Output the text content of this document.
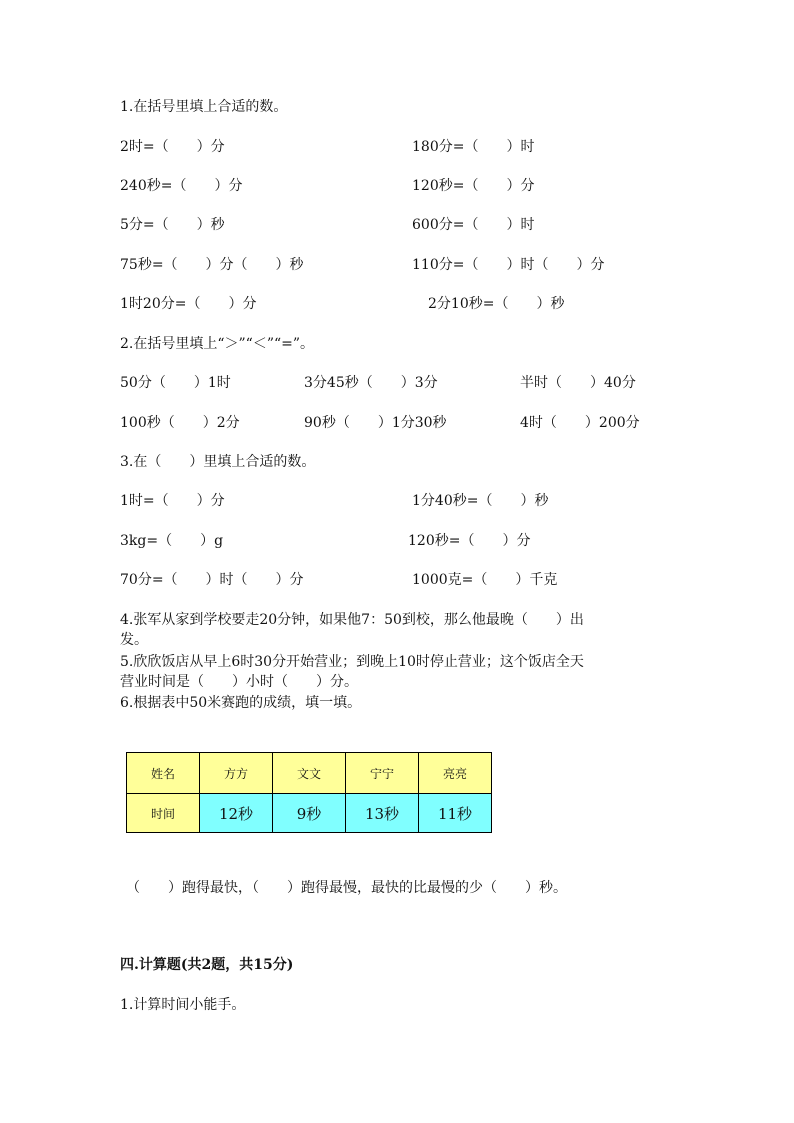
1.在括号里填上合适的数。
2时=（　　）分	180分=（　　）时
240秒=（　　）分	120秒=（　　）分
5分=（　　）秒	600分=（　　）时
75秒=（　　）分（　　）秒	110分=（　　）时（　　）分
1时20分=（　　）分	2分10秒=（　　）秒
2.在括号里填上“＞”“＜”“=”。
50分（　　）1时	3分45秒（　　）3分	半时（　　）40分
100秒（　　）2分	90秒（　　）1分30秒	4时（　　）200分
3.在（　　）里填上合适的数。
1时=（　　）分	1分40秒=（　　）秒
3kg=（　　）g	120秒=（　　）分
70分=（　　）时（　　）分	1000克=（　　）千克
4.张军从家到学校要走20分钟，如果他7：50到校，那么他最晚（　　）出
发。
5.欣欣饭店从早上6时30分开始营业；到晚上10时停止营业；这个饭店全天
营业时间是（　　）小时（　　）分。
6.根据表中50米赛跑的成绩，填一填。
姓名	方方	文文	宁宁	亮亮
时间	12秒	9秒	13秒	11秒
（　　）跑得最快，（　　）跑得最慢，最快的比最慢的少（　　）秒。
四.计算题(共2题，共15分)
1.计算时间小能手。
